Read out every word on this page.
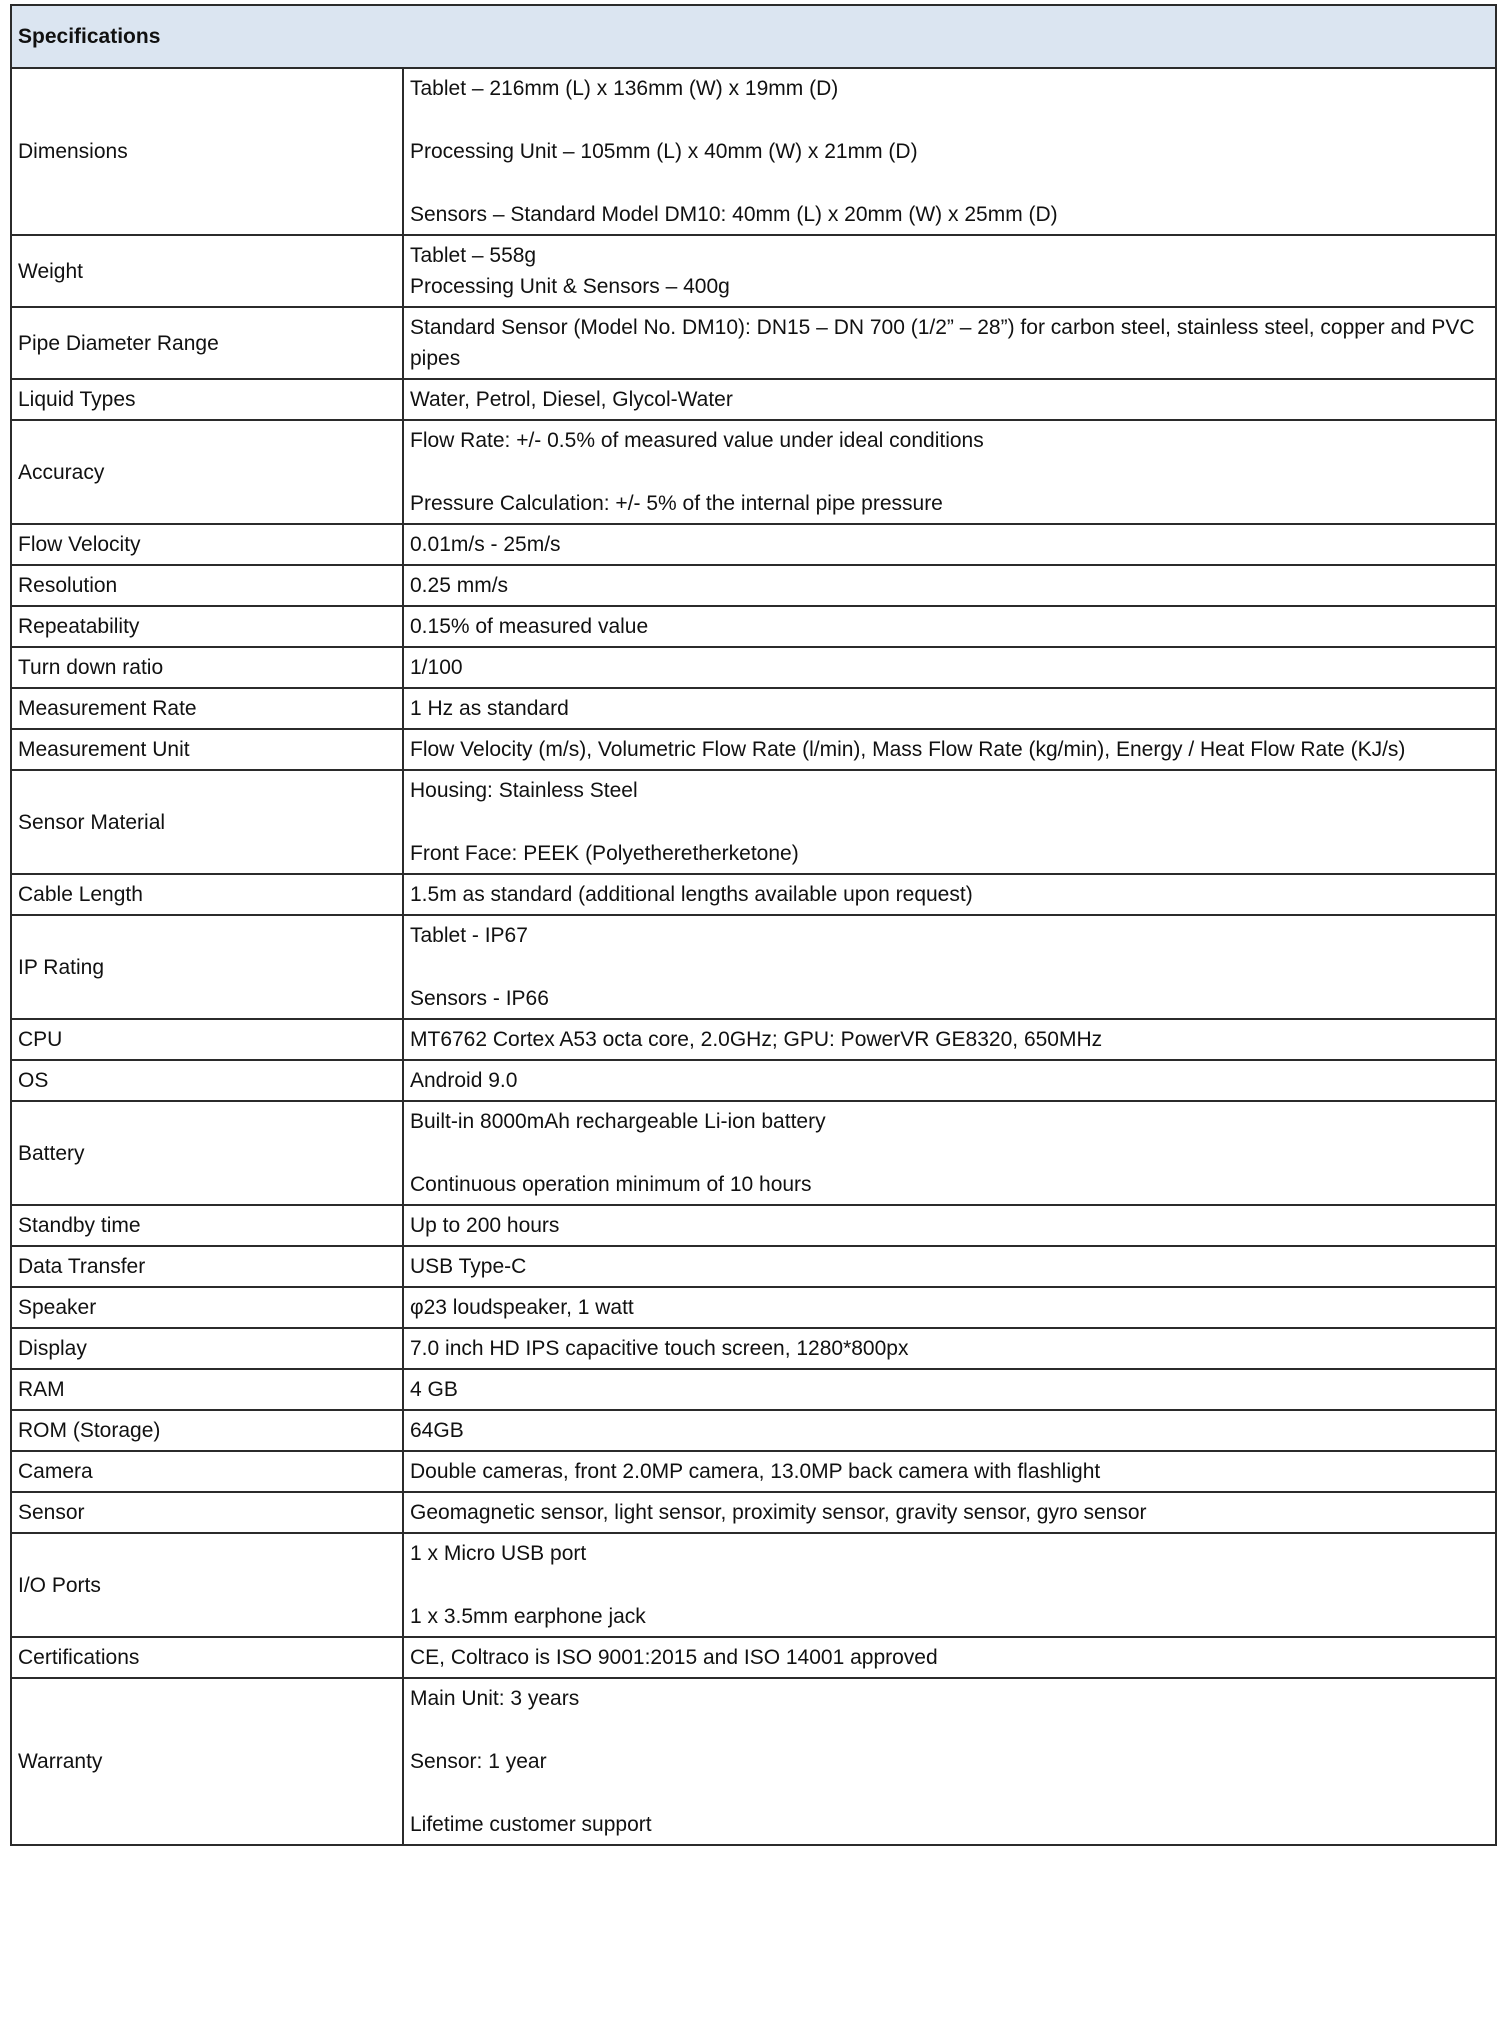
Specifications	
Dimensions	Tablet – 216mm (L) x 136mm (W) x 19mm (D)
Processing Unit – 105mm (L) x 40mm (W) x 21mm (D)
Sensors – Standard Model DM10: 40mm (L) x 20mm (W) x 25mm (D)

Weight	Tablet – 558g
Processing Unit & Sensors – 400g

Pipe Diameter Range	Standard Sensor (Model No. DM10): DN15 – DN 700 (1/2” – 28”) for carbon steel, stainless steel, copper and PVC pipes

Liquid Types	Water, Petrol, Diesel, Glycol-Water

Accuracy	Flow Rate: +/- 0.5% of measured value under ideal conditions
Pressure Calculation: +/- 5% of the internal pipe pressure

Flow Velocity	0.01m/s - 25m/s

Resolution	0.25 mm/s

Repeatability	0.15% of measured value

Turn down ratio	1/100

Measurement Rate	1 Hz as standard

Measurement Unit	Flow Velocity (m/s), Volumetric Flow Rate (l/min), Mass Flow Rate (kg/min), Energy / Heat Flow Rate (KJ/s)

Sensor Material	Housing: Stainless Steel
Front Face: PEEK (Polyetheretherketone)

Cable Length	1.5m as standard (additional lengths available upon request)

IP Rating	Tablet - IP67
Sensors - IP66

CPU	MT6762 Cortex A53 octa core, 2.0GHz; GPU: PowerVR GE8320, 650MHz

OS	Android 9.0

Battery	Built-in 8000mAh rechargeable Li-ion battery
Continuous operation minimum of 10 hours

Standby time	Up to 200 hours

Data Transfer	USB Type-C

Speaker	φ23 loudspeaker, 1 watt

Display	7.0 inch HD IPS capacitive touch screen, 1280*800px

RAM	4 GB

ROM (Storage)	64GB

Camera	Double cameras, front 2.0MP camera, 13.0MP back camera with flashlight

Sensor	Geomagnetic sensor, light sensor, proximity sensor, gravity sensor, gyro sensor

I/O Ports	1 x Micro USB port
1 x 3.5mm earphone jack

Certifications	CE, Coltraco is ISO 9001:2015 and ISO 14001 approved

Warranty	Main Unit: 3 years
Sensor: 1 year
Lifetime customer support
